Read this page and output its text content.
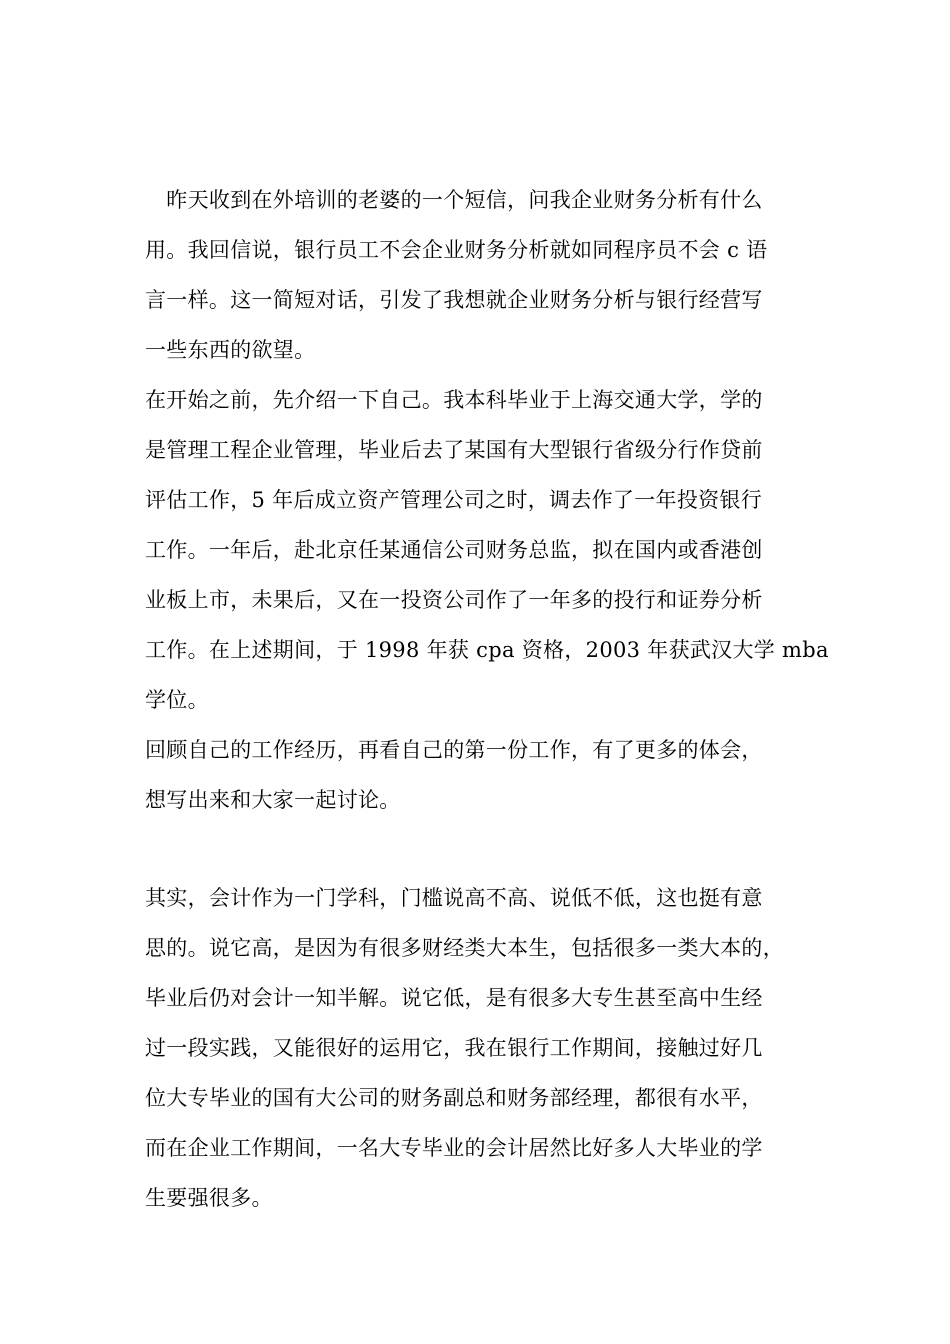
　昨天收到在外培训的老婆的一个短信，问我企业财务分析有什么
用。我回信说，银行员工不会企业财务分析就如同程序员不会 c 语
言一样。这一简短对话，引发了我想就企业财务分析与银行经营写
一些东西的欲望。
在开始之前，先介绍一下自己。我本科毕业于上海交通大学，学的
是管理工程企业管理，毕业后去了某国有大型银行省级分行作贷前
评估工作，5 年后成立资产管理公司之时，调去作了一年投资银行
工作。一年后，赴北京任某通信公司财务总监，拟在国内或香港创
业板上市，未果后，又在一投资公司作了一年多的投行和证券分析
工作。在上述期间，于 1998 年获 cpa 资格，2003 年获武汉大学 mba
学位。
回顾自己的工作经历，再看自己的第一份工作，有了更多的体会，
想写出来和大家一起讨论。
其实，会计作为一门学科，门槛说高不高、说低不低，这也挺有意
思的。说它高，是因为有很多财经类大本生，包括很多一类大本的，
毕业后仍对会计一知半解。说它低，是有很多大专生甚至高中生经
过一段实践，又能很好的运用它，我在银行工作期间，接触过好几
位大专毕业的国有大公司的财务副总和财务部经理，都很有水平，
而在企业工作期间，一名大专毕业的会计居然比好多人大毕业的学
生要强很多。
